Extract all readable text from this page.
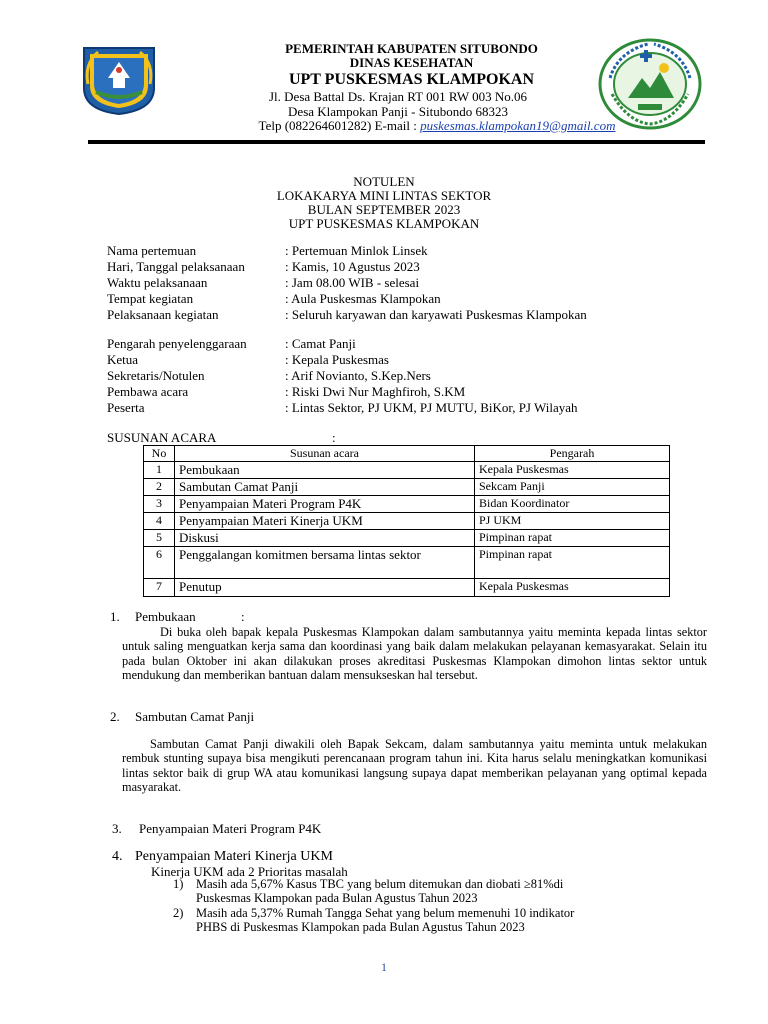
PEMERINTAH KABUPATEN SITUBONDO
DINAS KESEHATAN
UPT PUSKESMAS KLAMPOKAN
Jl. Desa Battal Ds. Krajan RT 001 RW 003 No.06
Desa Klampokan Panji - Situbondo 68323
Telp (082264601282) E-mail : puskesmas.klampokan19@gmail.com
NOTULEN
LOKAKARYA MINI LINTAS SEKTOR
BULAN SEPTEMBER 2023
UPT PUSKESMAS KLAMPOKAN
Nama pertemuan	: Pertemuan Minlok Linsek
Hari, Tanggal pelaksanaan	: Kamis, 10 Agustus 2023
Waktu pelaksanaan	: Jam 08.00 WIB - selesai
Tempat kegiatan	: Aula Puskesmas Klampokan
Pelaksanaan kegiatan	: Seluruh karyawan dan karyawati Puskesmas Klampokan
Pengarah penyelenggaraan	: Camat Panji
Ketua	: Kepala Puskesmas
Sekretaris/Notulen	: Arif Novianto, S.Kep.Ners
Pembawa acara	: Riski Dwi Nur Maghfiroh, S.KM
Peserta	: Lintas Sektor, PJ UKM, PJ MUTU, BiKor, PJ Wilayah
SUSUNAN ACARA	:
No	Susunan acara	Pengarah
1	Pembukaan	Kepala Puskesmas
2	Sambutan Camat Panji	Sekcam Panji
3	Penyampaian Materi Program P4K	Bidan Koordinator
4	Penyampaian Materi Kinerja UKM	PJ UKM
5	Diskusi	Pimpinan rapat
6	Penggalangan komitmen bersama lintas sektor	Pimpinan rapat
7	Penutup	Kepala Puskesmas
1. Pembukaan	:
Di buka oleh bapak kepala Puskesmas Klampokan dalam sambutannya yaitu meminta kepada lintas sektor untuk saling menguatkan kerja sama dan koordinasi yang baik dalam melakukan pelayanan kemasyarakat. Selain itu pada bulan Oktober ini akan dilakukan proses akreditasi Puskesmas Klampokan dimohon lintas sektor untuk mendukung dan memberikan bantuan dalam mensukseskan hal tersebut.
2. Sambutan Camat Panji
Sambutan Camat Panji diwakili oleh Bapak Sekcam, dalam sambutannya yaitu meminta untuk melakukan rembuk stunting supaya bisa mengikuti perencanaan program tahun ini. Kita harus selalu meningkatkan komunikasi lintas sektor baik di grup WA atau komunikasi langsung supaya dapat memberikan pelayanan yang optimal kepada masyarakat.
3. Penyampaian Materi Program P4K
4. Penyampaian Materi Kinerja UKM
Kinerja UKM ada 2 Prioritas masalah
1) Masih ada 5,67% Kasus TBC yang belum ditemukan dan diobati ≥81%di
Puskesmas Klampokan pada Bulan Agustus Tahun 2023
2) Masih ada 5,37% Rumah Tangga Sehat yang belum memenuhi 10 indikator
PHBS di Puskesmas Klampokan pada Bulan Agustus Tahun 2023
1
